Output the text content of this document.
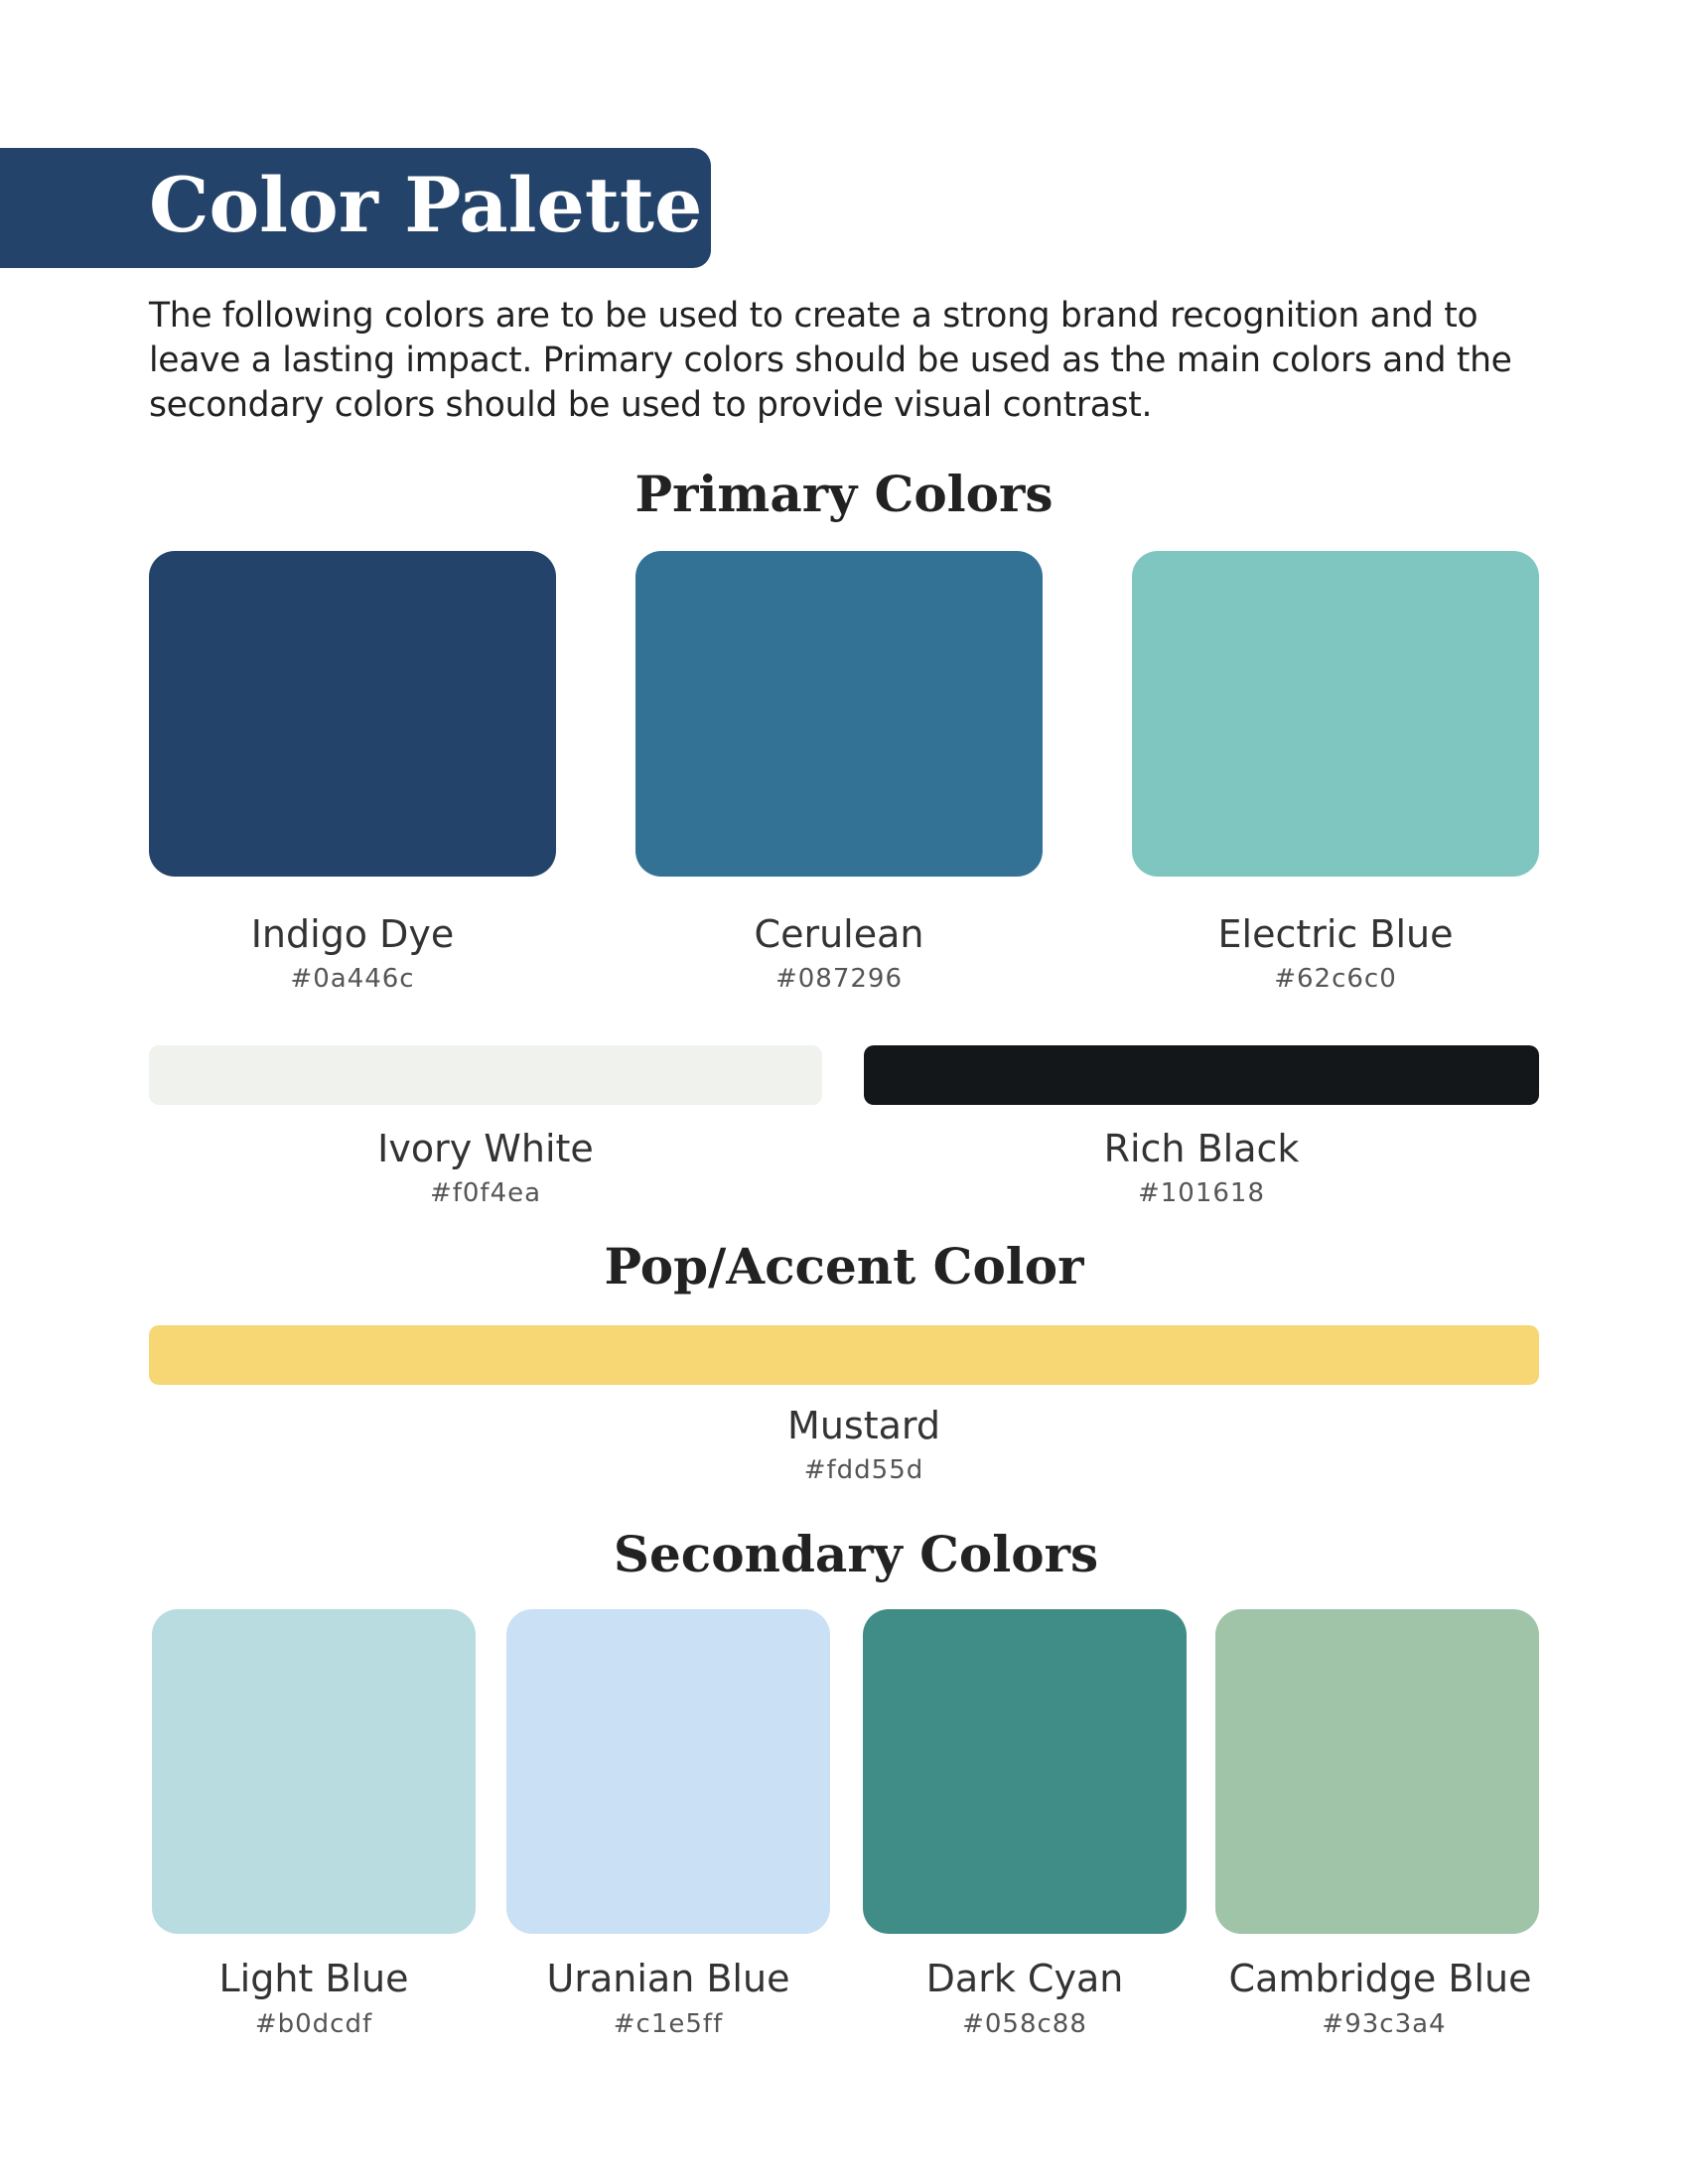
Color Palette

The following colors are to be used to create a strong brand recognition and to leave a lasting impact. Primary colors should be used as the main colors and the secondary colors should be used to provide visual contrast.

Primary Colors
Indigo Dye
#0a446c
Cerulean
#087296
Electric Blue
#62c6c0
Ivory White
#f0f4ea
Rich Black
#101618
Pop/Accent Color
Mustard
#fdd55d
Secondary Colors
Light Blue
#b0dcdf
Uranian Blue
#c1e5ff
Dark Cyan
#058c88
Cambridge Blue
#93c3a4
